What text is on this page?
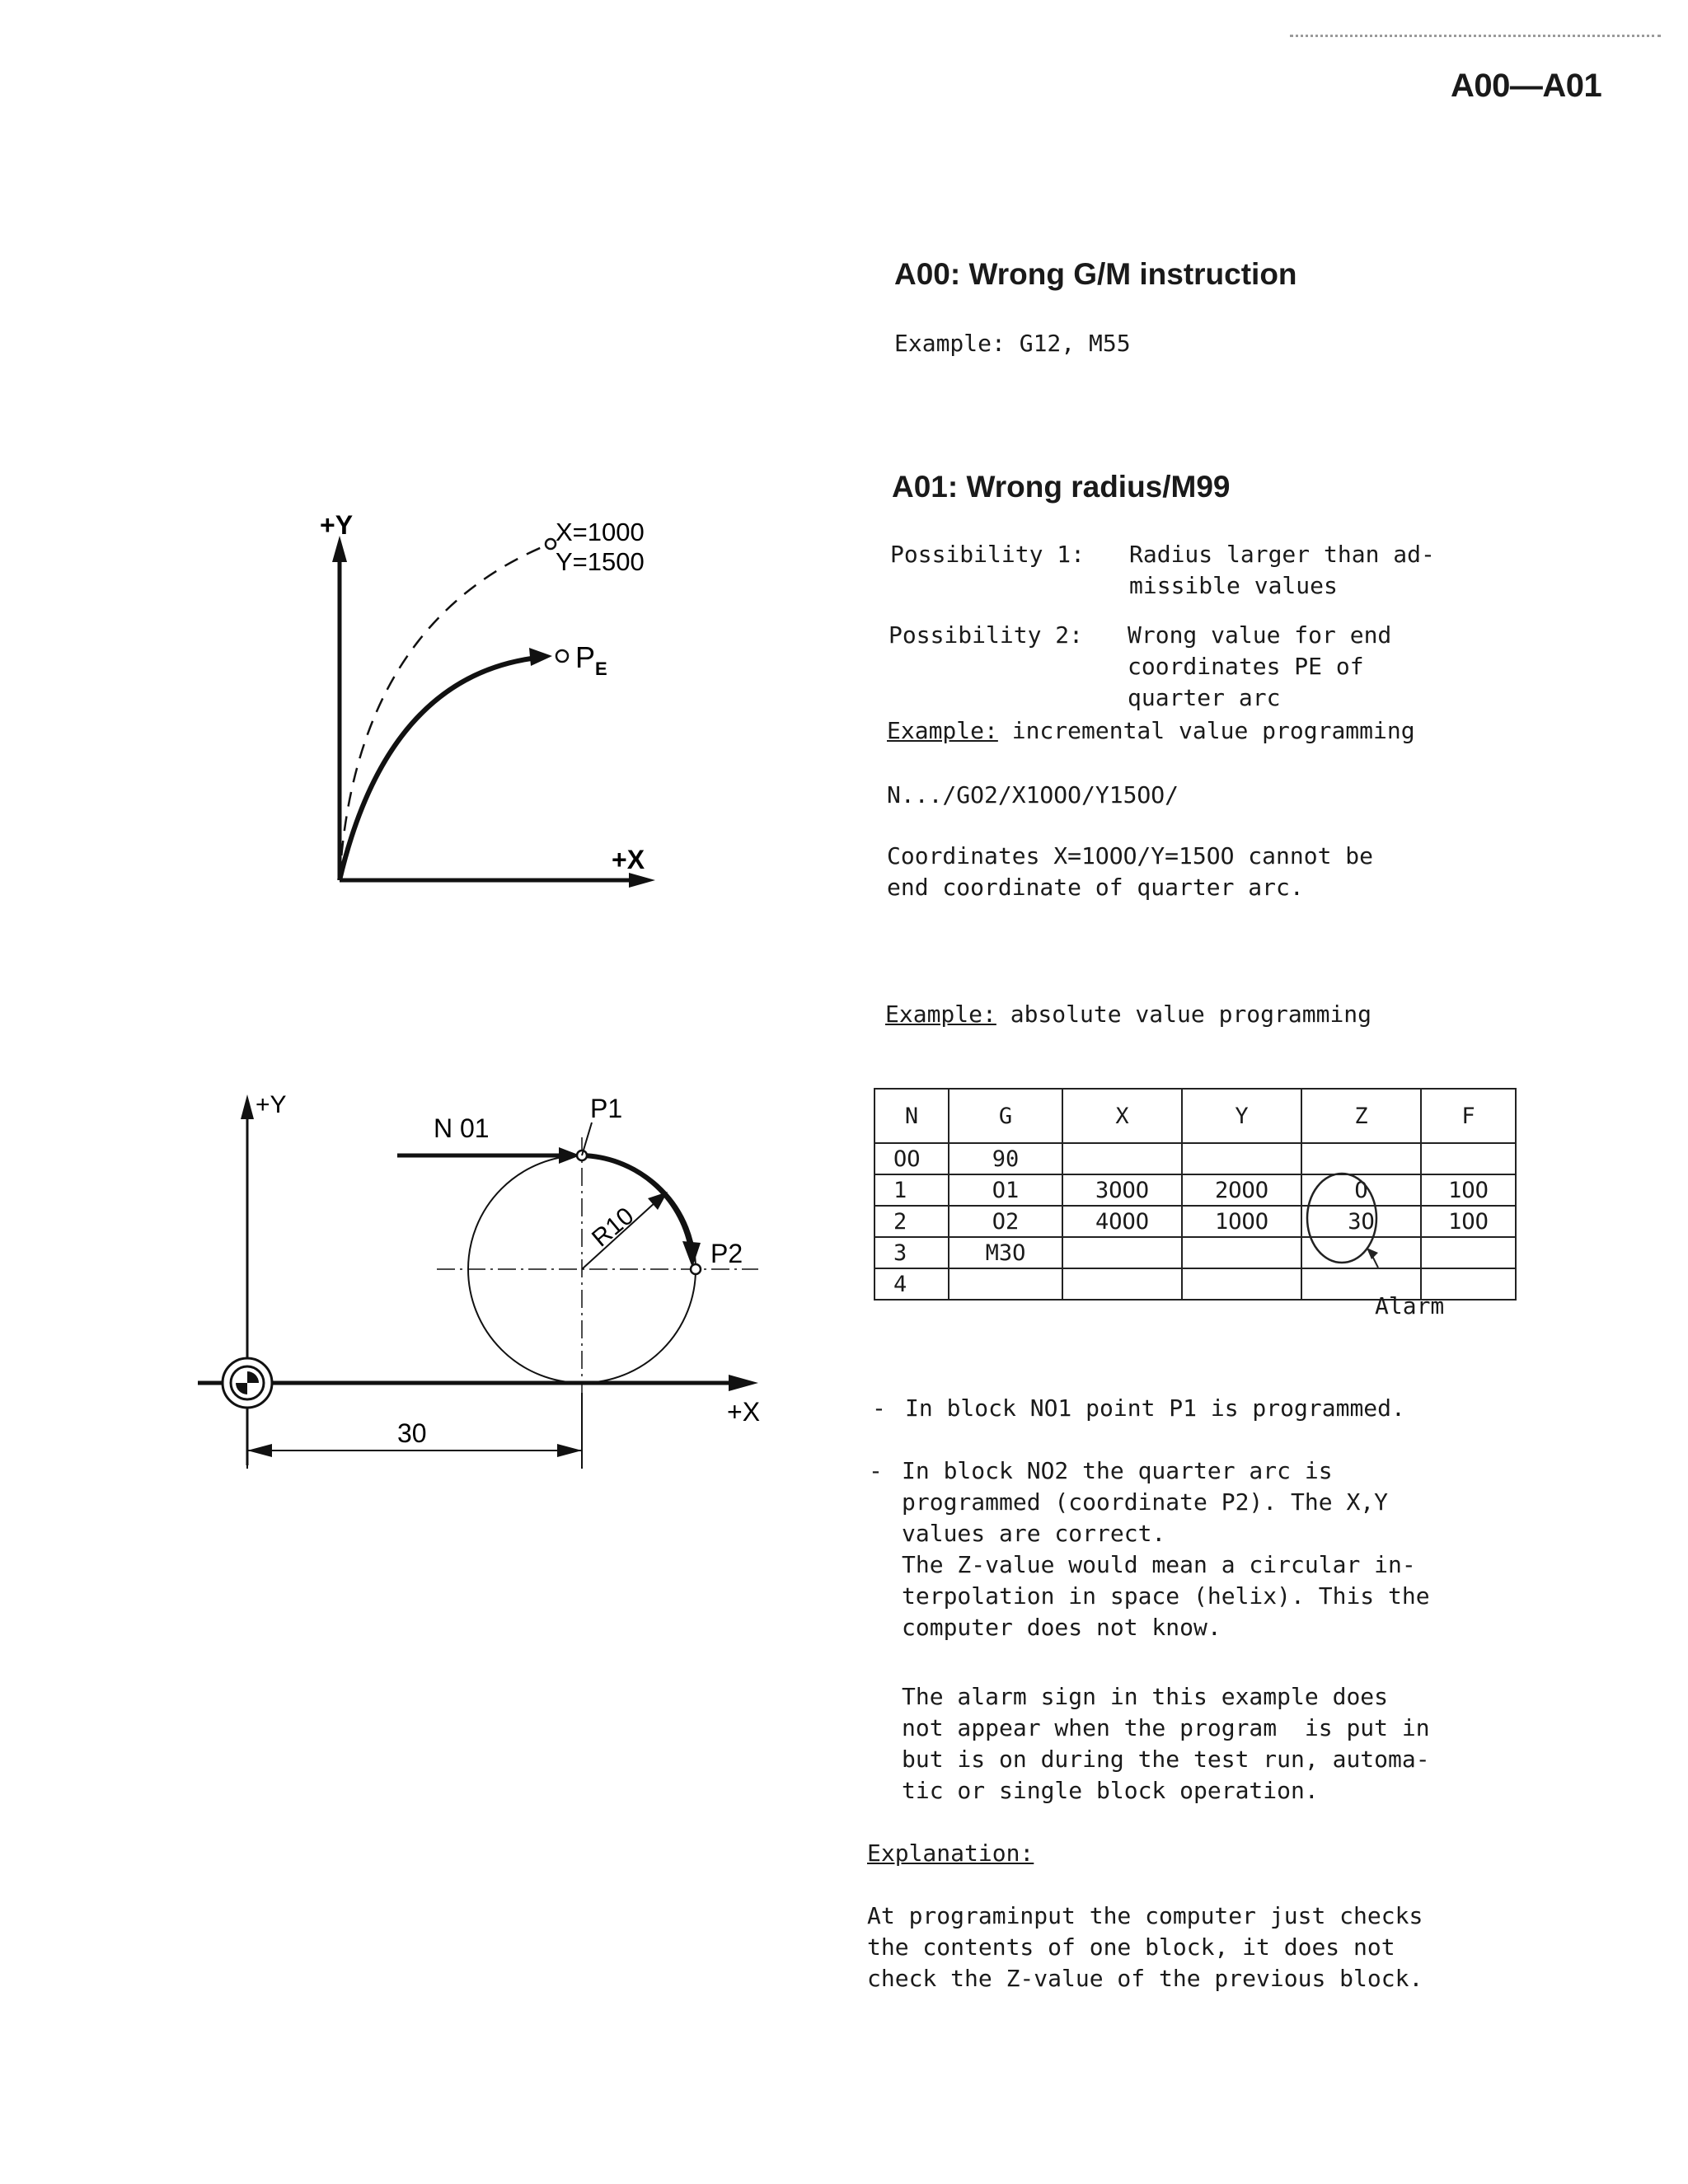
A00—A01
A00: Wrong G/M instruction
Example: G12, M55
A01: Wrong radius/M99
Possibility 1:	Radius larger than ad-
missible values
Possibility 2:	Wrong value for end
coordinates PE of
quarter arc
Example: incremental value programming
N.../GO2/X1OOO/Y15OO/
Coordinates X=1OOO/Y=15OO cannot be
end coordinate of quarter arc.
Example: absolute value programming
N	G	X	Y	Z	F
OO	90				
1	O1	3OOO	2OOO	O	1OO
2	O2	4OOO	1OOO	3O	1OO
3	M3O				
4					
Alarm
- In block NO1 point P1 is programmed.
- In block NO2 the quarter arc is
programmed (coordinate P2). The X,Y
values are correct.
The Z-value would mean a circular in-
terpolation in space (helix). This the
computer does not know.
The alarm sign in this example does
not appear when the program  is put in
but is on during the test run, automa-
tic or single block operation.
Explanation:
At programinput the computer just checks
the contents of one block, it does not
check the Z-value of the previous block.
+Y
+X
X=1000
Y=1500
$P_E$
+Y
+X
N 01
P1
P2
R10
30
